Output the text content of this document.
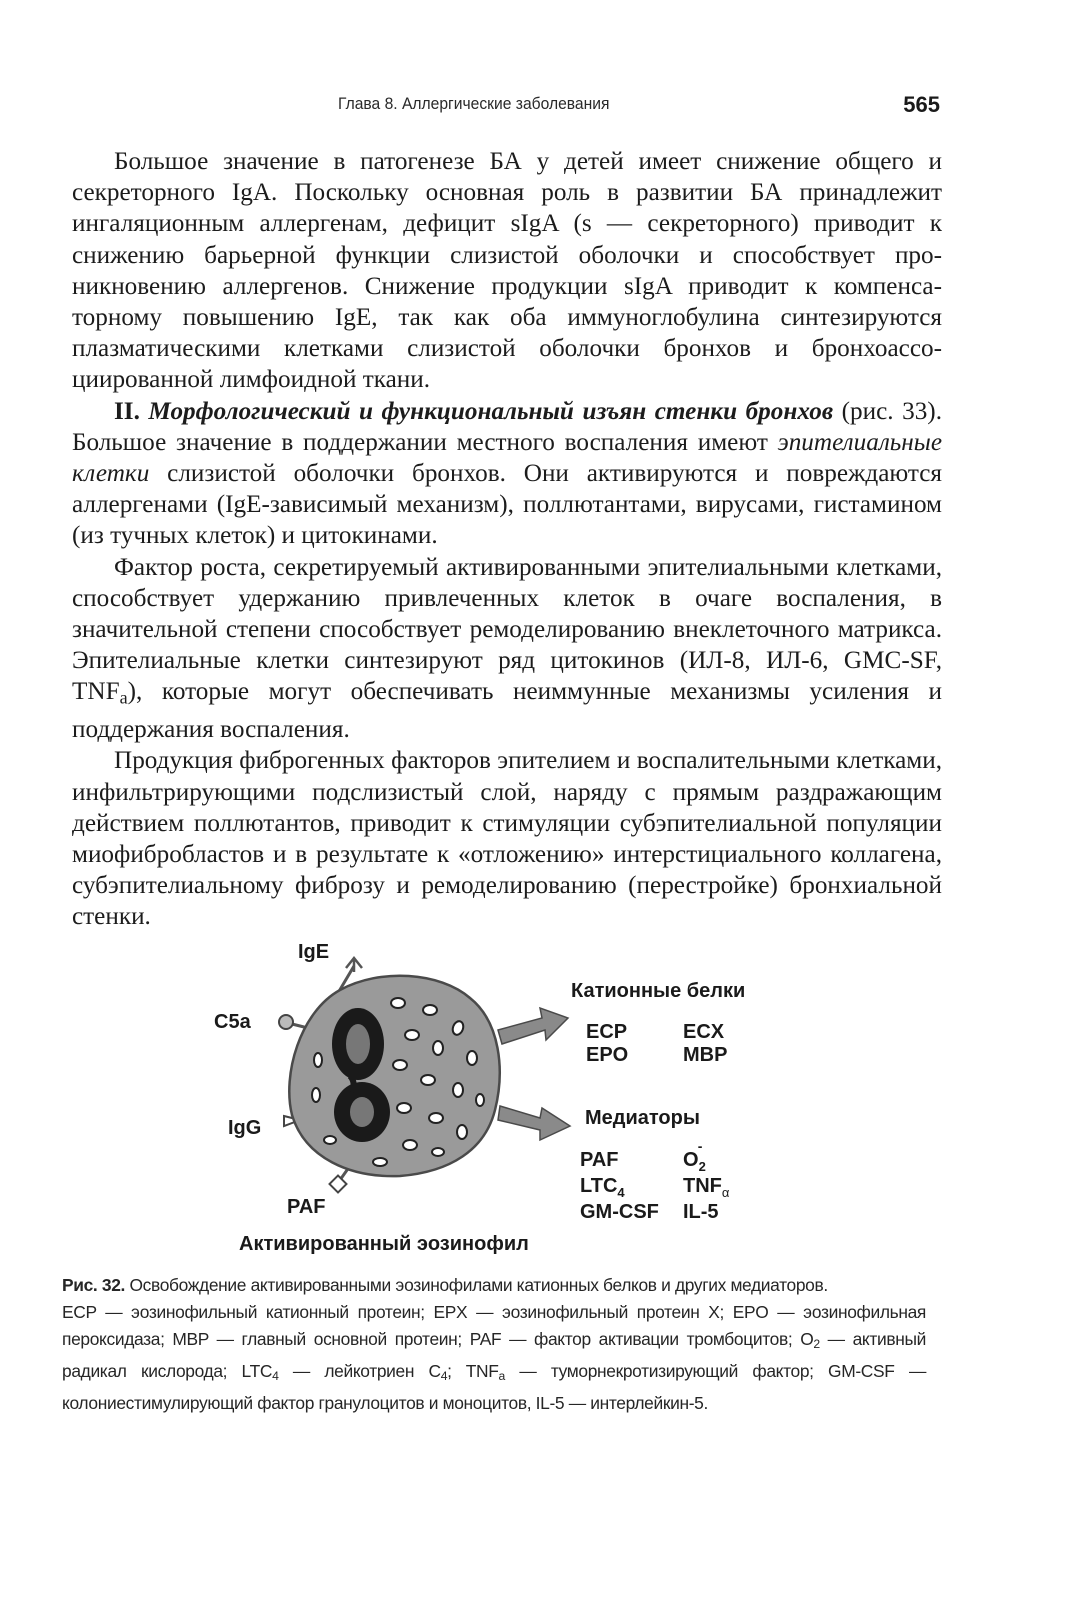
Глава 8. Аллергические заболевания	565

Большое значение в патогенезе БА у детей имеет снижение общего и секреторного IgA. Поскольку основная роль в развитии БА принадлежит ингаляционным аллергенам, дефицит sIgA (s — секреторного) приводит к снижению барьерной функции слизистой оболочки и способствует проникновению аллергенов. Снижение продукции sIgA приводит к компенсаторному повышению IgE, так как оба иммуноглобулина синтезируются плазматическими клетками слизистой оболочки бронхов и бронхоассоциированной лимфоидной ткани.

II. Морфологический и функциональный изъян стенки бронхов (рис. 33). Большое значение в поддержании местного воспаления имеют эпителиальные клетки слизистой оболочки бронхов. Они активируются и повреждаются аллергенами (IgE-зависимый механизм), поллютантами, вирусами, гистамином (из тучных клеток) и цитокинами.

Фактор роста, секретируемый активированными эпителиальными клетками, способствует удержанию привлеченных клеток в очаге воспаления, в значительной степени способствует ремоделированию внеклеточного матрикса. Эпителиальные клетки синтезируют ряд цитокинов (ИЛ-8, ИЛ-6, GMC-SF, $TNF_a$), которые могут обеспечивать неиммунные механизмы усиления и поддержания воспаления.

Продукция фиброгенных факторов эпителием и воспалительными клетками, инфильтрирующими подслизистый слой, наряду с прямым раздражающим действием поллютантов, приводит к стимуляции субэпителиальной популяции миофибробластов и в результате к «отложению» интерстициального коллагена, субэпителиальному фиброзу и ремоделированию (перестройке) бронхиальной стенки.

IgE
C5a
IgG
PAF
Активированный эозинофил
Катионные белки
ECP	ECX
EPO	MBP
Медиаторы
PAF	$O_2-$
$LTC_4$	$TNF_\alpha$
GM-CSF IL-5

Рис. 32. Освобождение активированными эозинофилами катионных белков и других медиаторов.

ECP — эозинофильный катионный протеин; EPX — эозинофильный протеин X; EPO — эозинофильная пероксидаза; MBP — главный основной протеин; PAF — фактор активации тромбоцитов; O2 — активный радикал кислорода; LTC4 — лейкотриен C4; TNFa — туморнекротизирующий фактор; GM-CSF — колониестимулирующий фактор гранулоцитов и моноцитов, IL-5 — интерлейкин-5.
